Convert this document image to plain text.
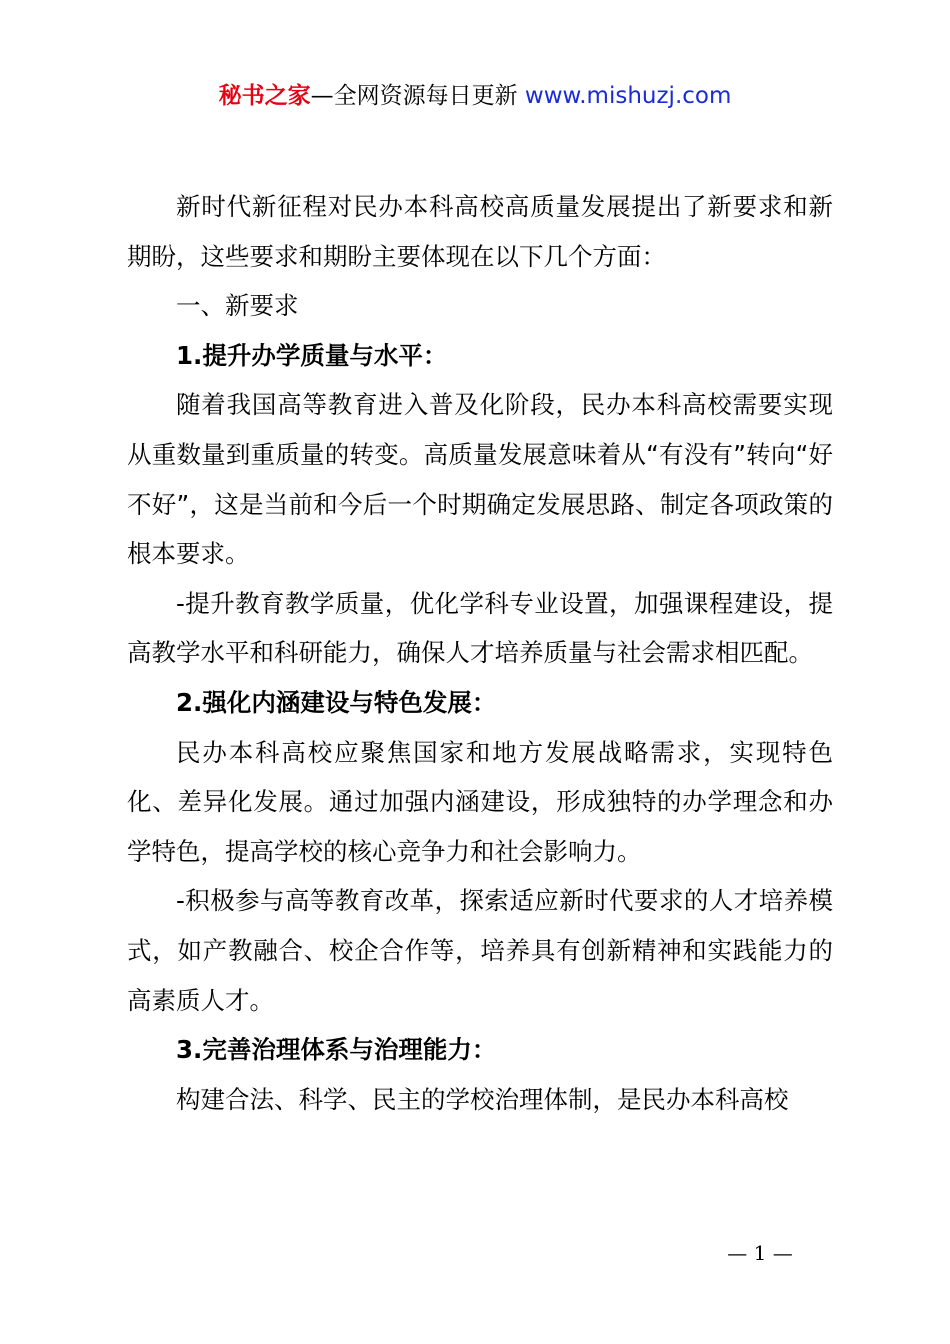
秘书之家—全网资源每日更新 www.mishuzj.com

新时代新征程对民办本科高校高质量发展提出了新要求和新期盼，这些要求和期盼主要体现在以下几个方面：

一、新要求

1.提升办学质量与水平：

随着我国高等教育进入普及化阶段，民办本科高校需要实现从重数量到重质量的转变。高质量发展意味着从“有没有”转向“好不好”，这是当前和今后一个时期确定发展思路、制定各项政策的根本要求。

-提升教育教学质量，优化学科专业设置，加强课程建设，提高教学水平和科研能力，确保人才培养质量与社会需求相匹配。

2.强化内涵建设与特色发展：

民办本科高校应聚焦国家和地方发展战略需求，实现特色化、差异化发展。通过加强内涵建设，形成独特的办学理念和办学特色，提高学校的核心竞争力和社会影响力。

-积极参与高等教育改革，探索适应新时代要求的人才培养模式，如产教融合、校企合作等，培养具有创新精神和实践能力的高素质人才。

3.完善治理体系与治理能力：

构建合法、科学、民主的学校治理体制，是民办本科高校

— 1 —
